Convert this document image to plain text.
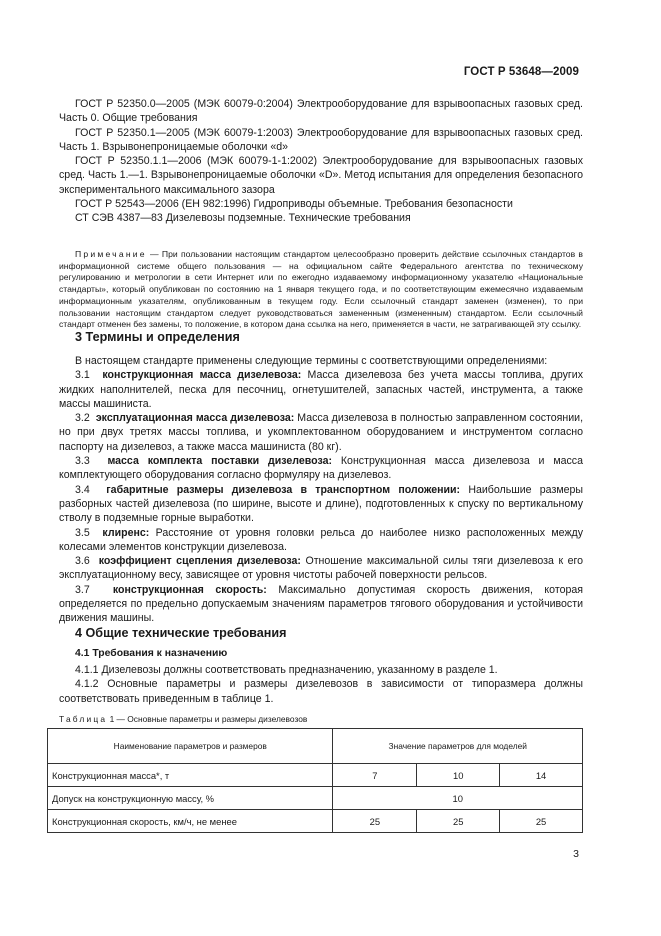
ГОСТ Р 53648—2009

ГОСТ Р 52350.0—2005 (МЭК 60079-0:2004) Электрооборудование для взрывоопасных газовых сред. Часть 0. Общие требования

ГОСТ Р 52350.1—2005 (МЭК 60079-1:2003) Электрооборудование для взрывоопасных газовых сред. Часть 1. Взрывонепроницаемые оболочки «d»

ГОСТ Р 52350.1.1—2006 (МЭК 60079-1-1:2002) Электрооборудование для взрывоопасных газовых сред. Часть 1.—1. Взрывонепроницаемые оболочки «D». Метод испытания для определения безопасного экспериментального максимального зазора

ГОСТ Р 52543—2006 (ЕН 982:1996) Гидроприводы объемные. Требования безопасности

СТ СЭВ 4387—83 Дизелевозы подземные. Технические требования

Примечание — При пользовании настоящим стандартом целесообразно проверить действие ссылочных стандартов в информационной системе общего пользования — на официальном сайте Федерального агентства по техническому регулированию и метрологии в сети Интернет или по ежегодно издаваемому информационному указателю «Национальные стандарты», который опубликован по состоянию на 1 января текущего года, и по соответствующим ежемесячно издаваемым информационным указателям, опубликованным в текущем году. Если ссылочный стандарт заменен (изменен), то при пользовании настоящим стандартом следует руководствоваться замененным (измененным) стандартом. Если ссылочный стандарт отменен без замены, то положение, в котором дана ссылка на него, применяется в части, не затрагивающей эту ссылку.

3 Термины и определения

В настоящем стандарте применены следующие термины с соответствующими определениями:

3.1 конструкционная масса дизелевоза: Масса дизелевоза без учета массы топлива, других жидких наполнителей, песка для песочниц, огнетушителей, запасных частей, инструмента, а также массы машиниста.

3.2 эксплуатационная масса дизелевоза: Масса дизелевоза в полностью заправленном состоянии, но при двух третях массы топлива, и укомплектованном оборудованием и инструментом согласно паспорту на дизелевоз, а также масса машиниста (80 кг).

3.3 масса комплекта поставки дизелевоза: Конструкционная масса дизелевоза и масса комплектующего оборудования согласно формуляру на дизелевоз.

3.4 габаритные размеры дизелевоза в транспортном положении: Наибольшие размеры разборных частей дизелевоза (по ширине, высоте и длине), подготовленных к спуску по вертикальному стволу в подземные горные выработки.

3.5 клиренс: Расстояние от уровня головки рельса до наиболее низко расположенных между колесами элементов конструкции дизелевоза.

3.6 коэффициент сцепления дизелевоза: Отношение максимальной силы тяги дизелевоза к его эксплуатационному весу, зависящее от уровня чистоты рабочей поверхности рельсов.

3.7 конструкционная скорость: Максимально допустимая скорость движения, которая определяется по предельно допускаемым значениям параметров тягового оборудования и устойчивости движения машины.

4 Общие технические требования
4.1 Требования к назначению

4.1.1 Дизелевозы должны соответствовать предназначению, указанному в разделе 1.

4.1.2 Основные параметры и размеры дизелевозов в зависимости от типоразмера должны соответствовать приведенным в таблице 1.

Таблица 1 — Основные параметры и размеры дизелевозов
Наименование параметров и размеров	Значение параметров для моделей		
Конструкционная масса*, т	7	10	14
Допуск на конструкционную массу, %	10		
Конструкционная скорость, км/ч, не менее	25	25	25
3
